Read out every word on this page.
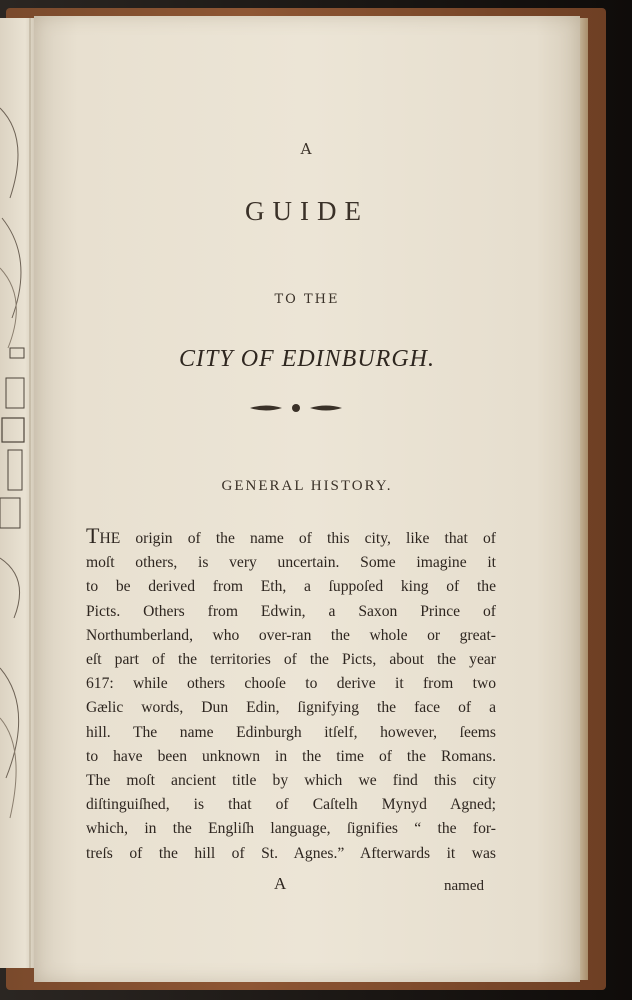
A
GUIDE
TO THE
CITY OF EDINBURGH.
GENERAL HISTORY.
THE origin of the name of this city, like that of
moſt others, is very uncertain. Some imagine it
to be derived from Eth, a ſuppoſed king of the
Picts. Others from Edwin, a Saxon Prince of
Northumberland, who over-ran the whole or great-
eſt part of the territories of the Picts, about the year
617: while others chooſe to derive it from two
Gælic words, Dun Edin, ſignifying the face of a
hill. The name Edinburgh itſelf, however, ſeems
to have been unknown in the time of the Romans.
The moſt ancient title by which we find this city
diſtinguiſhed, is that of Caſtelh Mynyd Agned;
which, in the Engliſh language, ſignifies “ the for-
treſs of the hill of St. Agnes.” Afterwards it was
A	named
